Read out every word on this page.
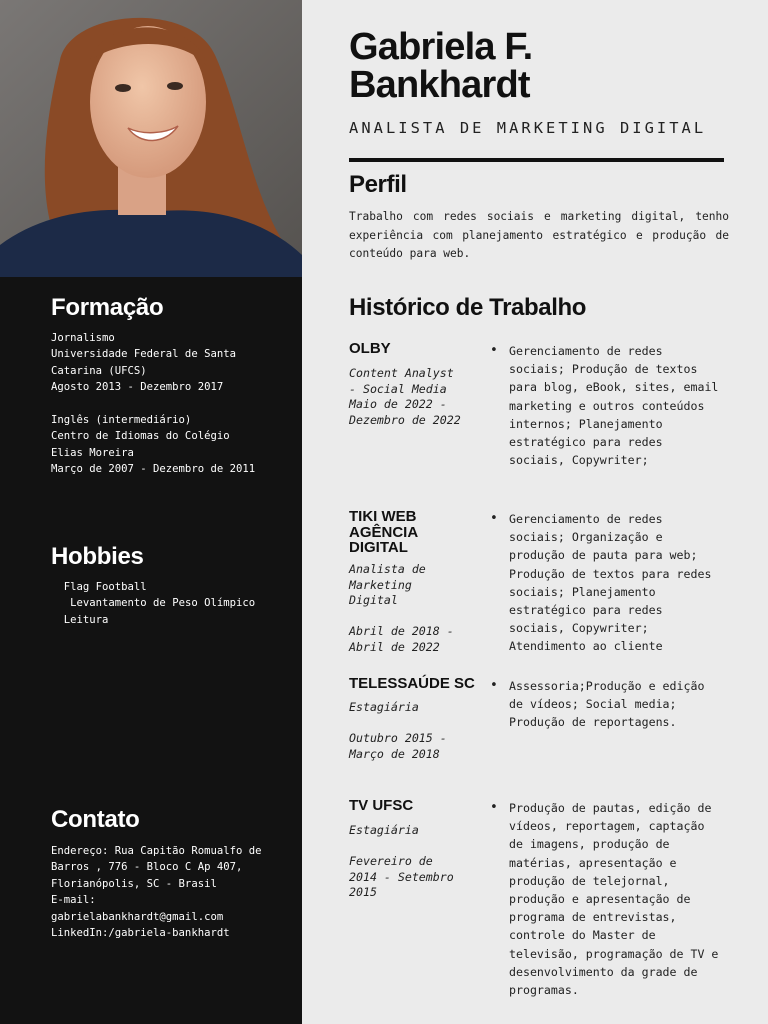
Formação
Jornalismo
Universidade Federal de Santa Catarina (UFCS)
Agosto 2013 - Dezembro 2017

Inglês (intermediário)
Centro de Idiomas do Colégio Elias Moreira
Março de 2007 - Dezembro de 2011
Hobbies
Flag Football
Levantamento de Peso Olímpico
Leitura
Contato
Endereço: Rua Capitão Romualfo de Barros , 776 - Bloco C Ap 407, Florianópolis, SC - Brasil
E-mail: gabrielabankhardt@gmail.com
LinkedIn:/gabriela-bankhardt
Gabriela F.
Bankhardt
ANALISTA DE MARKETING DIGITAL
Perfil
Trabalho com redes sociais e marketing digital, tenho experiência com planejamento estratégico e produção de conteúdo para web.
Histórico de Trabalho
OLBY
Content Analyst
- Social Media
Maio de 2022 -
Dezembro de 2022
• Gerenciamento de redes sociais; Produção de textos para blog, eBook, sites, email marketing e outros conteúdos internos; Planejamento estratégico para redes sociais, Copywriter;
TIKI WEB AGÊNCIA DIGITAL
Analista de
Marketing
Digital

Abril de 2018 -
Abril de 2022
• Gerenciamento de redes sociais; Organização e produção de pauta para web; Produção de textos para redes sociais; Planejamento estratégico para redes sociais, Copywriter; Atendimento ao cliente
TELESSAÚDE SC
Estagiária

Outubro 2015 -
Março de 2018
• Assessoria;Produção e edição de vídeos; Social media; Produção de reportagens.
TV UFSC
Estagiária

Fevereiro de
2014 - Setembro
2015
• Produção de pautas, edição de vídeos, reportagem, captação de imagens, produção de matérias, apresentação e produção de telejornal, produção e apresentação de programa de entrevistas, controle do Master de televisão, programação de TV e desenvolvimento da grade de programas.
